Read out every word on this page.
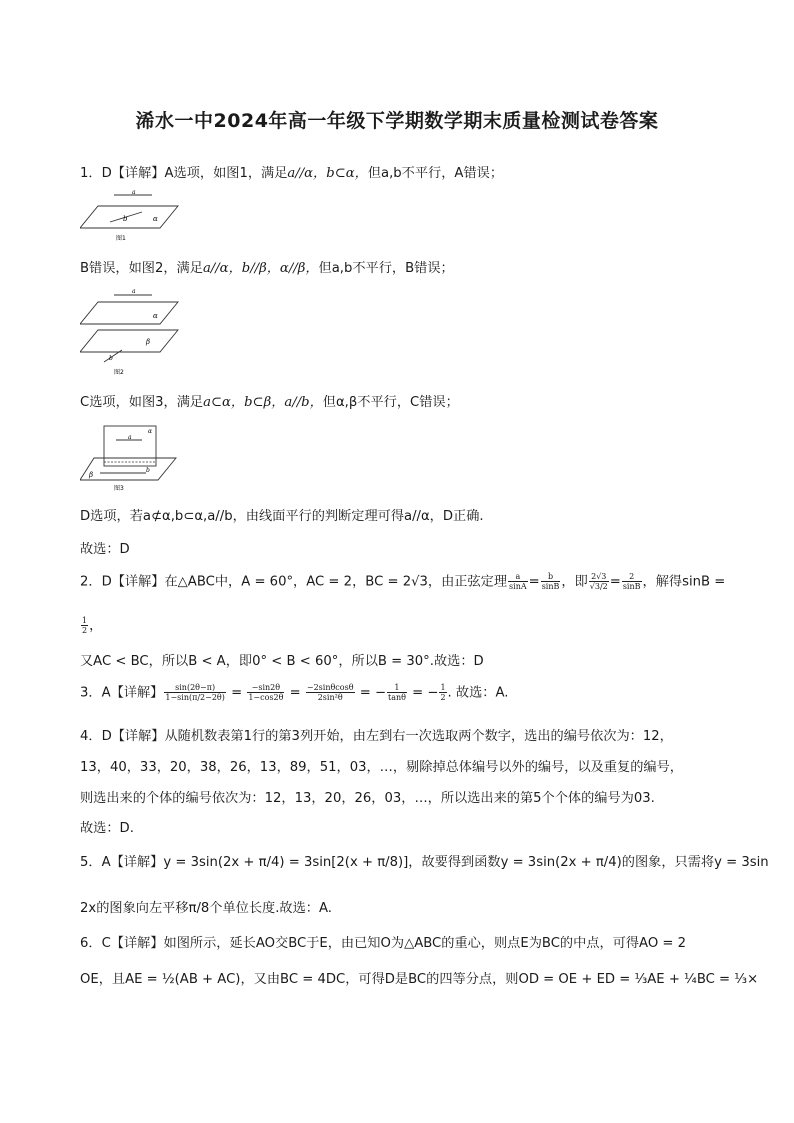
浠水一中2024年高一年级下学期数学期末质量检测试卷答案
1．D【详解】A选项，如图1，满足a//α，b⊂α，但a,b不平行，A错误；
a
b	α
图1
B错误，如图2，满足a//α，b//β，α//β，但a,b不平行，B错误；
a
α
β
b
图2
C选项，如图3，满足a⊂α，b⊂β，a//b，但α,β不平行，C错误；
α
a
b
β
图3
D选项，若a⊄α,b⊂α,a//b，由线面平行的判断定理可得a//α，D正确.
故选：D
2．D【详解】在△ABC中，A = 60°，AC = 2，BC = 2√3，由正弦定理 $\frac{a}{\sin A} = \frac{b}{\sin B}$ ，即 $\frac{2√3}{√3/2} = \frac{2}{\sin B}$ ，解得sinB =
$\frac{1}{2}$ ，
又AC < BC，所以B < A，即0° < B < 60°，所以B = 30°.故选：D
3．A【详解】 $\frac{\sin(2\theta-\pi)}{1-\sin(\pi/2-2\theta)} = \frac{-\sin 2\theta}{1-\cos 2\theta} = \frac{-2\sin\theta\cos\theta}{\text{2sin²θ}}$ = − $\frac{1}{\tan\theta}$ = − $\frac{1}{2}$ . 故选：A.
4．D【详解】从随机数表第1行的第3列开始，由左到右一次选取两个数字，选出的编号依次为：12，
13，40，33，20，38，26，13，89，51，03，…，剔除掉总体编号以外的编号，以及重复的编号，
则选出来的个体的编号依次为：12，13，20，26，03，…，所以选出来的第5个个体的编号为03.
故选：D.
5．A【详解】y = 3sin(2x + π/4) = 3sin[2(x + π/8)]，故要得到函数y = 3sin(2x + π/4)的图象，只需将y = 3sin
2x的图象向左平移π/8个单位长度.故选：A.
6．C【详解】如图所示，延长AO交BC于E，由已知O为△ABC的重心，则点E为BC的中点，可得AO = 2
OE，且AE = ½(AB + AC)，又由BC = 4DC，可得D是BC的四等分点，则OD = OE + ED = ⅓AE + ¼BC = ⅓×
